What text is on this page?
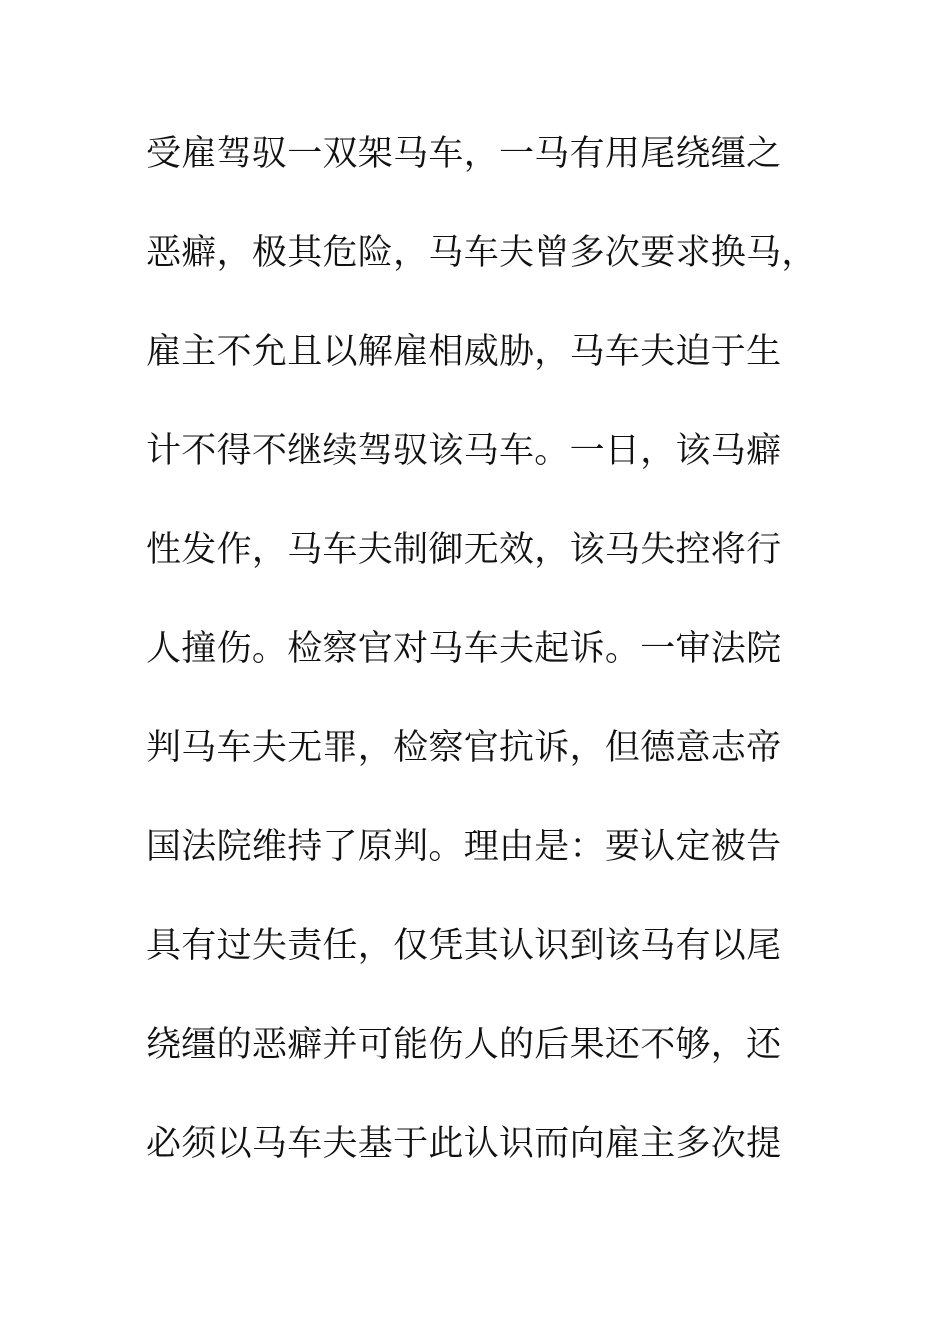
受雇驾驭一双架马车，一马有用尾绕缰之
恶癖，极其危险，马车夫曾多次要求换马，
雇主不允且以解雇相威胁，马车夫迫于生
计不得不继续驾驭该马车。一日，该马癖
性发作，马车夫制御无效，该马失控将行
人撞伤。检察官对马车夫起诉。一审法院
判马车夫无罪，检察官抗诉，但德意志帝
国法院维持了原判。理由是：要认定被告
具有过失责任，仅凭其认识到该马有以尾
绕缰的恶癖并可能伤人的后果还不够，还
必须以马车夫基于此认识而向雇主多次提
